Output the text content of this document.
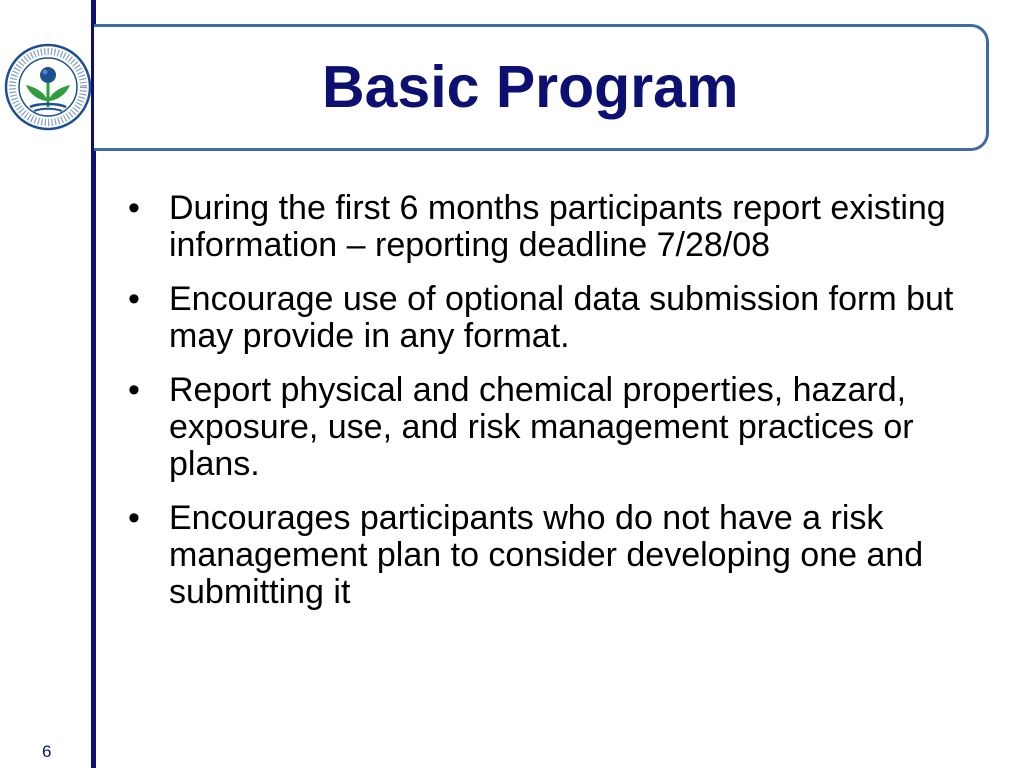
Basic Program
• During the first 6 months participants report existing information – reporting deadline 7/28/08
• Encourage use of optional data submission form but may provide in any format.
• Report physical and chemical properties, hazard, exposure, use, and risk management practices or plans.
• Encourages participants who do not have a risk management plan to consider developing one and submitting it
6
